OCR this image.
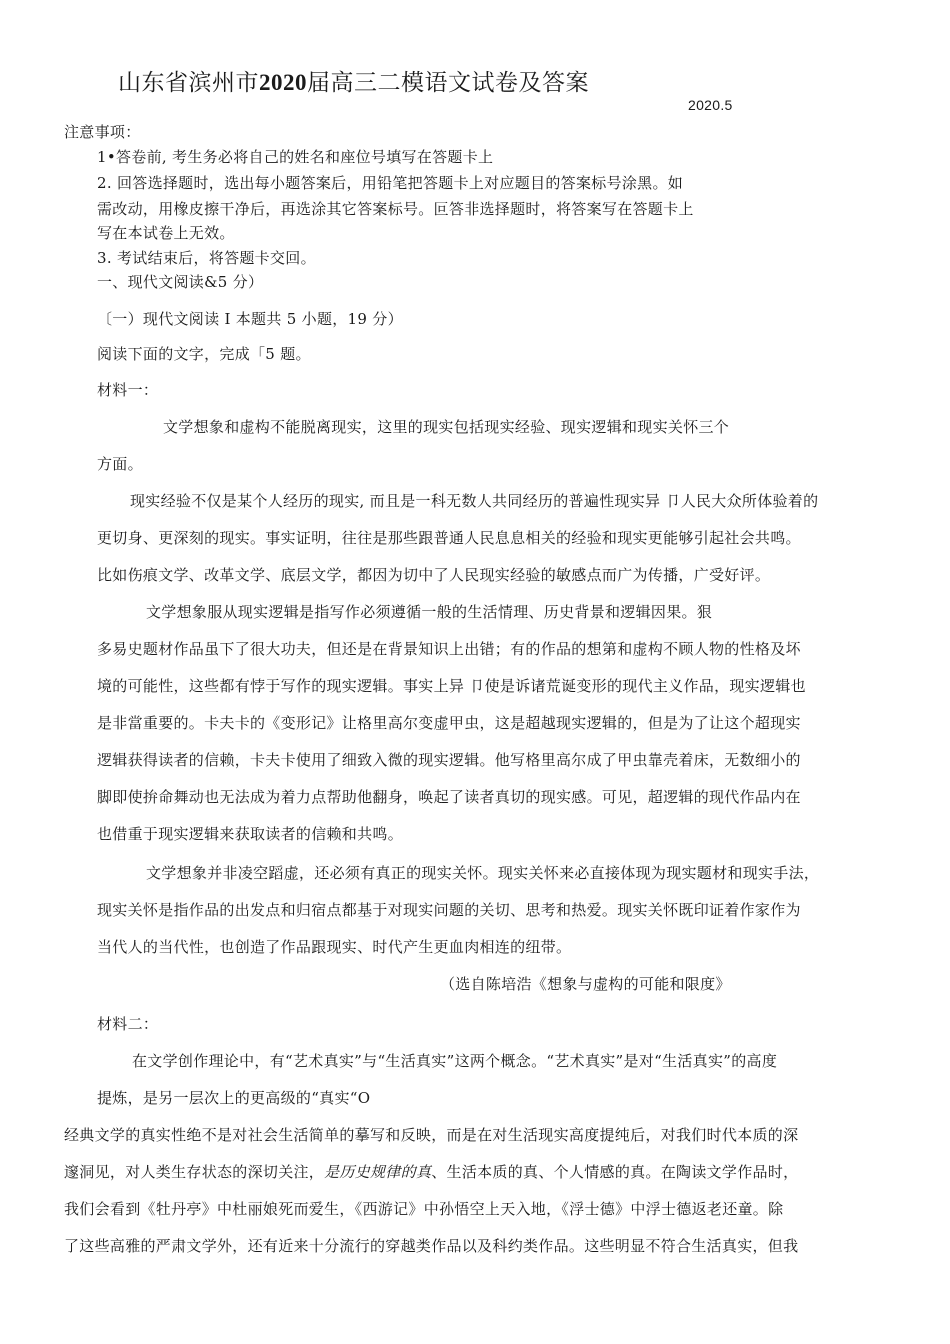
山东省滨州市2020届高三二模语文试卷及答案
2020.5
注意事项：
1•答卷前, 考生务必将自己的姓名和座位号填写在答题卡上
2. 回答选择题时，选出每小题答案后，用铅笔把答题卡上对应题目的答案标号涂黑。如
需改动，用橡皮擦干净后，再选涂其它答案标号。叵答非选择题时，将答案写在答题卡上
写在本试卷上无效。
3. 考试结束后，将答题卡交回。
一、现代文阅读&5 分）
〔一）现代文阅读 I 本题共 5 小题，19 分）
阅读下面的文字，完成「5 题。
材料一：
文学想象和虚构不能脱离现实，这里的现实包括现实经验、现实逻辑和现实关怀三个
方面。
现实经验不仅是某个人经历的现实, 而且是一科无数人共同经历的普遍性现实异 卩人民大众所体验着的
更切身、更深刻的现实。事实证明，往往是那些跟普通人民息息相关的经验和现实更能够引起社会共鸣。
比如伤痕文学、改革文学、底层文学，都因为切中了人民现实经验的敏感点而广为传播，广受好评。
文学想象服从现实逻辑是指写作必须遵循一般的生活情理、历史背景和逻辑因果。狠
多易史题材作品虽下了很大功夫，但还是在背景知识上出错；有的作品的想第和虚构不顾人物的性格及坏
境的可能性，这些都有悖于写作的现实逻辑。事实上异 卩使是诉诸荒诞变形的现代主义作品，现实逻辑也
是非當重要的。卡夫卡的《变形记》让格里高尔变虚甲虫，这是超越现实逻辑的，但是为了让这个超现实
逻辑获得读者的信赖，卡夫卡使用了细致入微的现实逻辑。他写格里高尔成了甲虫靠壳着床，无数细小的
脚即使拚命舞动也无法成为着力点帮助他翻身，唤起了读者真切的现实感。可见，超逻辑的现代作品内在
也借重于现实逻辑来获取读者的信赖和共鸣。
文学想象并非凌空蹈虚，还必须有真正的现实关怀。现实关怀来必直接体现为现实题材和现实手法，
现实关怀是指作品的出发点和归宿点都基于对现实问题的关切、思考和热爱。现实关怀既印证着作家作为
当代人的当代性，也创造了作品跟现实、时代产生更血肉相连的纽带。
（选自陈培浩《想象与虚构的可能和限度》
材料二：
在文学创作理论中，有“艺术真实”与“生活真实”这两个概念。“艺术真实”是对“生活真实”的高度
提炼，是另一层次上的更高级的“真实“O
经典文学的真实性绝不是对社会生活简单的摹写和反映，而是在对生活现实高度提纯后，对我们时代本质的深
邃洞见，对人类生存状态的深切关注，是历史规律的真、生活本质的真、个人情感的真。在陶读文学作品时，
我们会看到《牡丹亭》中杜丽娘死而爱生，《西游记》中孙悟空上天入地，《浮士德》中浮士德返老还童。除
了这些高雅的严肃文学外，还有近来十分流行的穿越类作品以及科约类作品。这些明显不符合生活真实，但我
